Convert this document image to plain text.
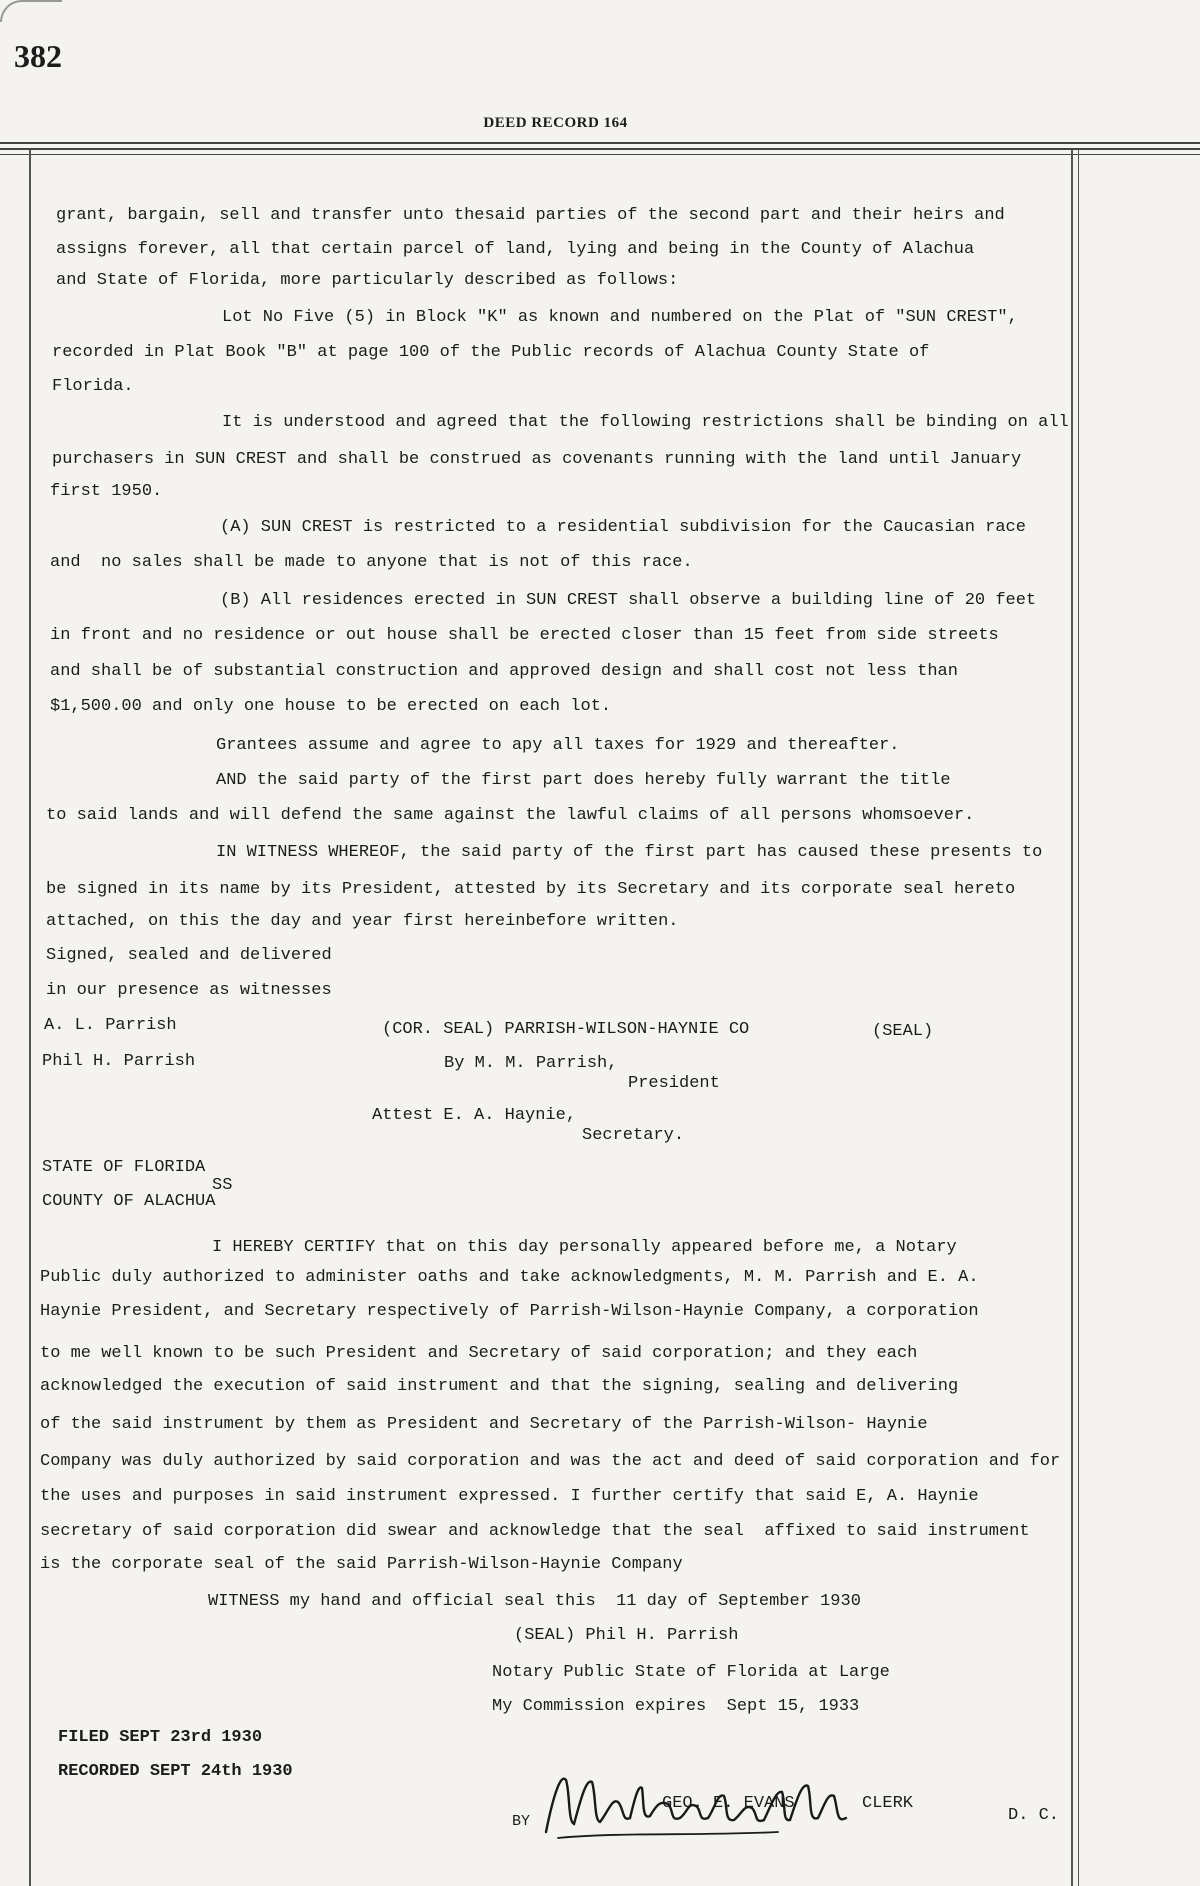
382
DEED RECORD 164
grant, bargain, sell and transfer unto thesaid parties of the second part and their heirs and
assigns forever, all that certain parcel of land, lying and being in the County of Alachua
and State of Florida, more particularly described as follows:
Lot No Five (5) in Block "K" as known and numbered on the Plat of "SUN CREST",
recorded in Plat Book "B" at page 100 of the Public records of Alachua County State of
Florida.
It is understood and agreed that the following restrictions shall be binding on all
purchasers in SUN CREST and shall be construed as covenants running with the land until January
first 1950.
(A) SUN CREST is restricted to a residential subdivision for the Caucasian race
and  no sales shall be made to anyone that is not of this race.
(B) All residences erected in SUN CREST shall observe a building line of 20 feet
in front and no residence or out house shall be erected closer than 15 feet from side streets
and shall be of substantial construction and approved design and shall cost not less than
$1,500.00 and only one house to be erected on each lot.
Grantees assume and agree to apy all taxes for 1929 and thereafter.
AND the said party of the first part does hereby fully warrant the title
to said lands and will defend the same against the lawful claims of all persons whomsoever.
IN WITNESS WHEREOF, the said party of the first part has caused these presents to
be signed in its name by its President, attested by its Secretary and its corporate seal hereto
attached, on this the day and year first hereinbefore written.
Signed, sealed and delivered
in our presence as witnesses
A. L. Parrish	(COR. SEAL) PARRISH-WILSON-HAYNIE CO	(SEAL)
Phil H. Parrish	By M. M. Parrish,
President
Attest E. A. Haynie,
Secretary.
STATE OF FLORIDA
SS
COUNTY OF ALACHUA
I HEREBY CERTIFY that on this day personally appeared before me, a Notary
Public duly authorized to administer oaths and take acknowledgments, M. M. Parrish and E. A.
Haynie President, and Secretary respectively of Parrish-Wilson-Haynie Company, a corporation
to me well known to be such President and Secretary of said corporation; and they each
acknowledged the execution of said instrument and that the signing, sealing and delivering
of the said instrument by them as President and Secretary of the Parrish-Wilson- Haynie
Company was duly authorized by said corporation and was the act and deed of said corporation and for
the uses and purposes in said instrument expressed. I further certify that said E, A. Haynie
secretary of said corporation did swear and acknowledge that the seal  affixed to said instrument
is the corporate seal of the said Parrish-Wilson-Haynie Company
WITNESS my hand and official seal this  11 day of September 1930
(SEAL) Phil H. Parrish
Notary Public State of Florida at Large
My Commission expires  Sept 15, 1933
FILED SEPT 23rd 1930
RECORDED SEPT 24th 1930
BY
GEO. E. EVANS	CLERK
D. C.
